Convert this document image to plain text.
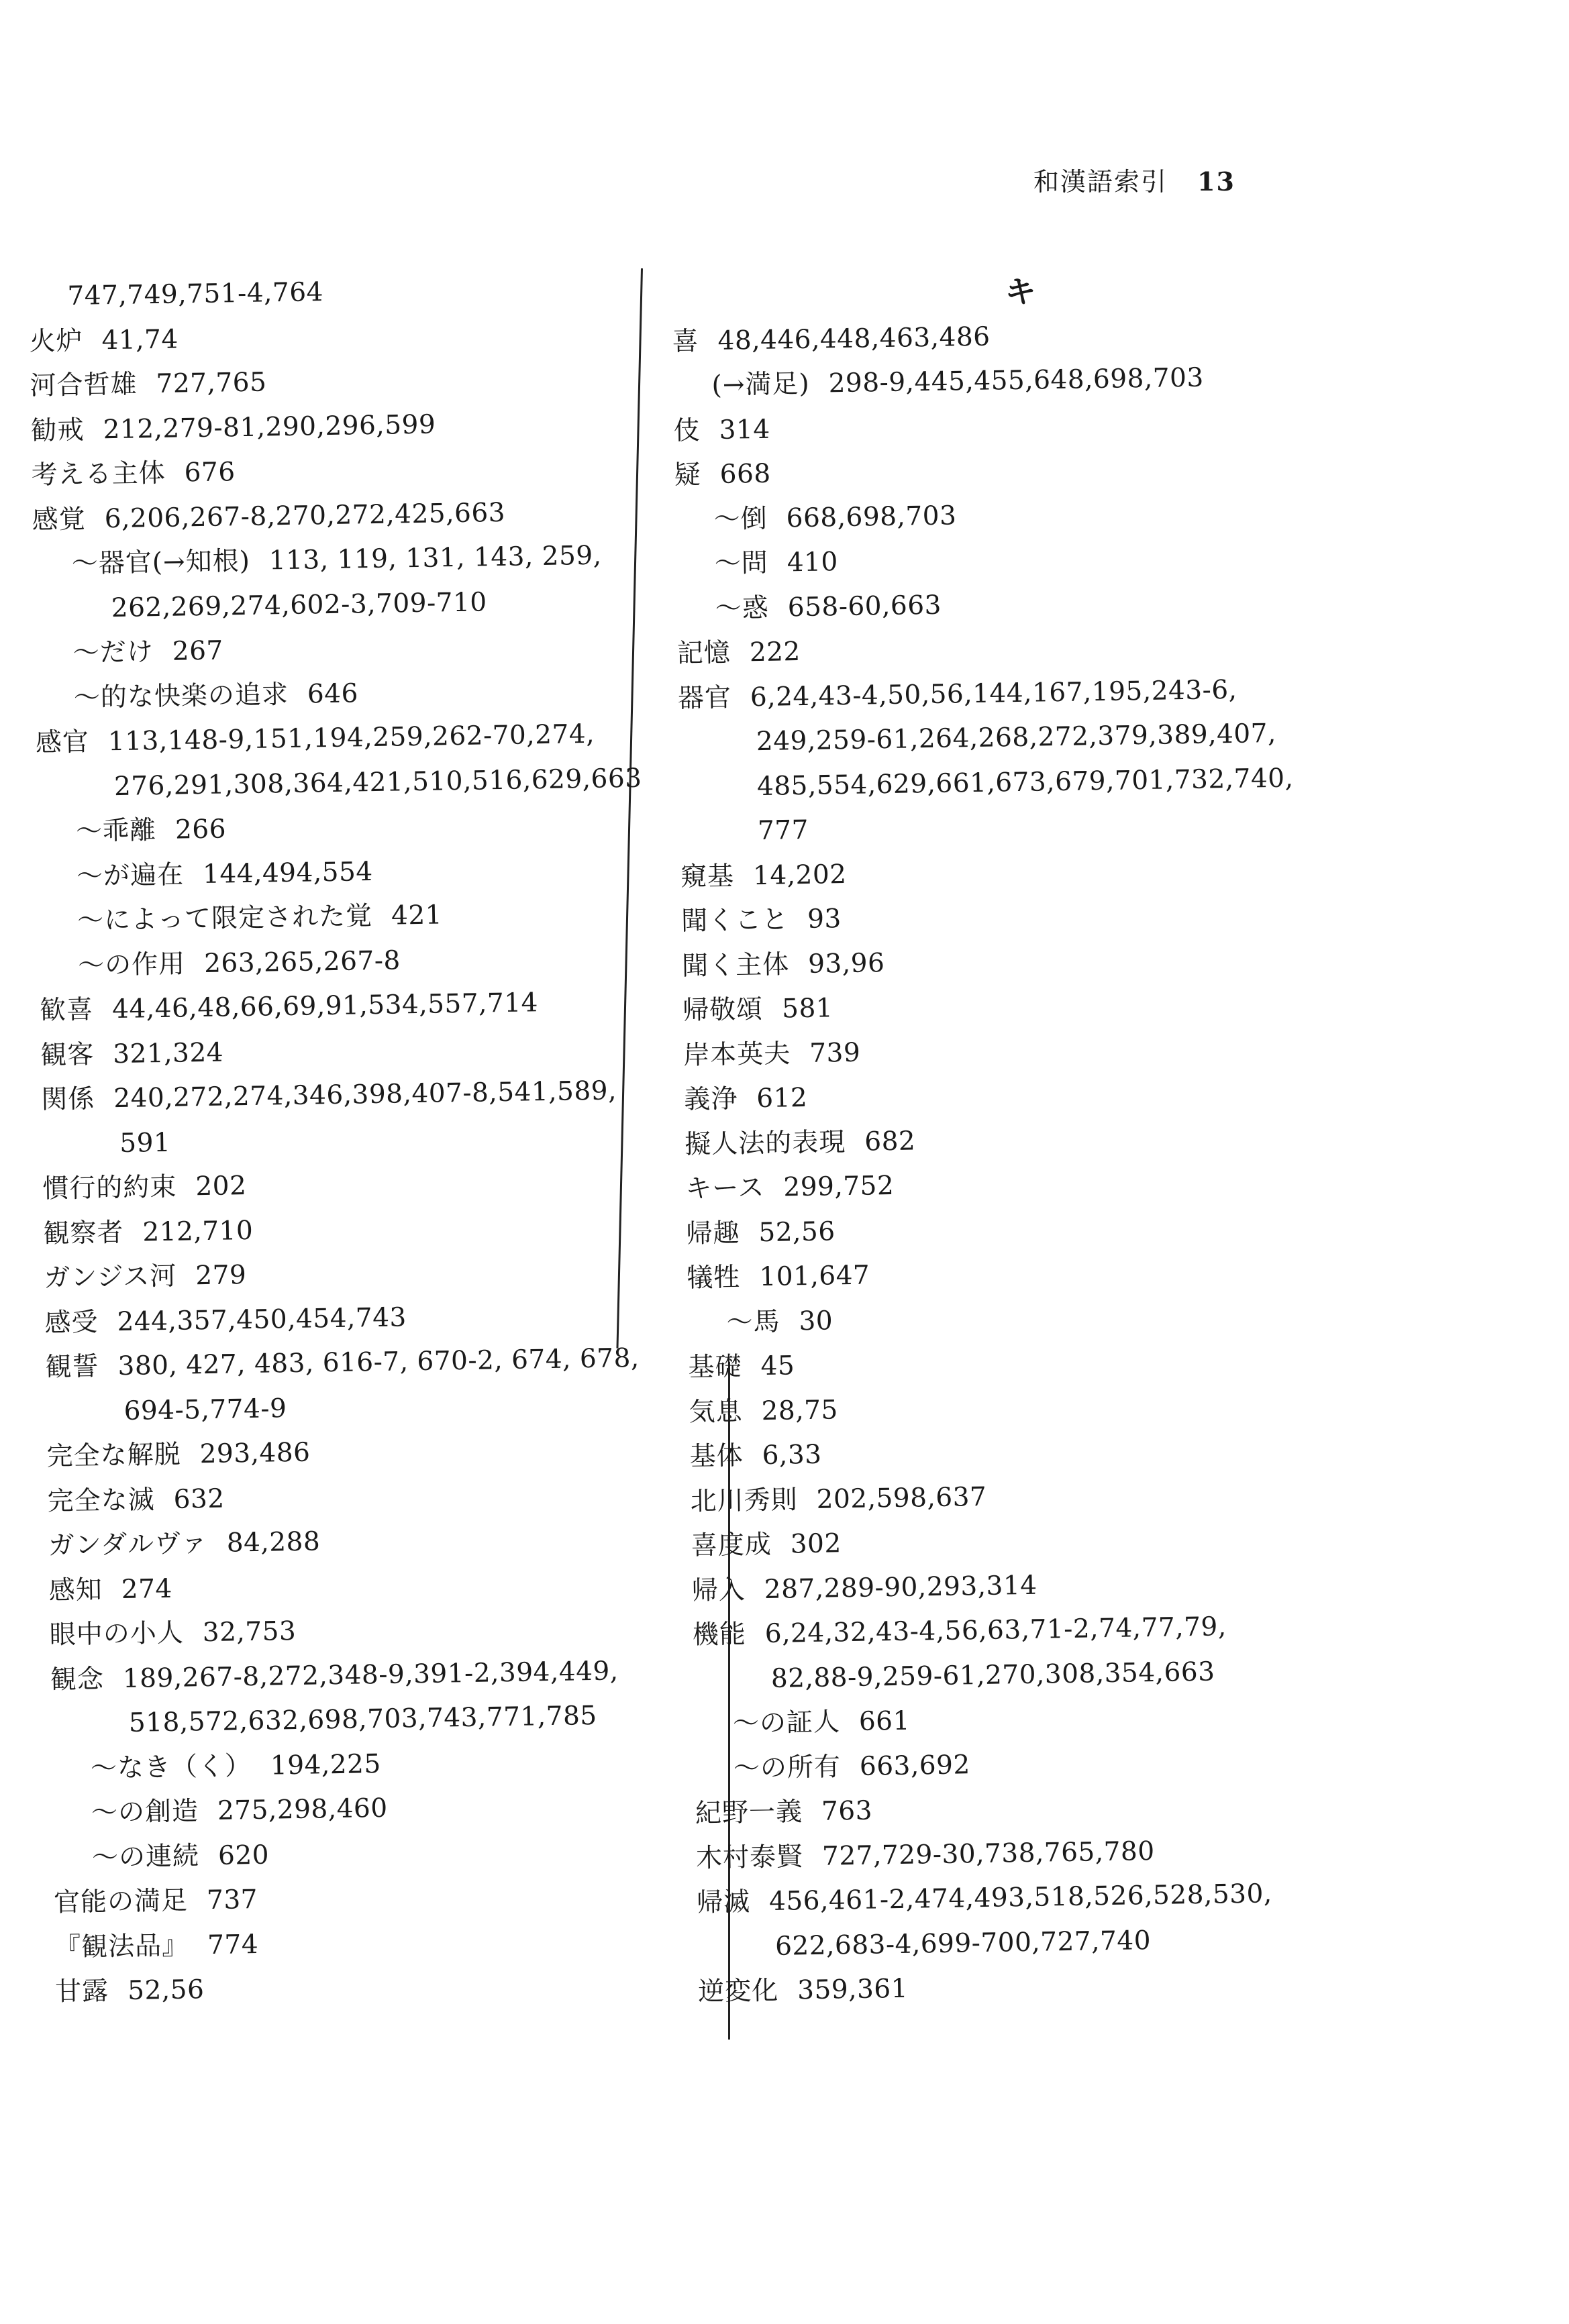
和漢語索引 13
747,749,751-4,764
火炉 41,74
河合哲雄 727,765
勧戒 212,279-81,290,296,599
考える主体 676
感覚 6,206,267-8,270,272,425,663
～器官(→知根) 113, 119, 131, 143, 259,
262,269,274,602-3,709-710
～だけ 267
～的な快楽の追求 646
感官 113,148-9,151,194,259,262-70,274,
276,291,308,364,421,510,516,629,663
～乖離 266
～が遍在 144,494,554
～によって限定された覚 421
～の作用 263,265,267-8
歓喜 44,46,48,66,69,91,534,557,714
観客 321,324
関係 240,272,274,346,398,407-8,541,589,
591
慣行的約束 202
観察者 212,710
ガンジス河 279
感受 244,357,450,454,743
観誓 380, 427, 483, 616-7, 670-2, 674, 678,
694-5,774-9
完全な解脱 293,486
完全な滅 632
ガンダルヴァ 84,288
感知 274
眼中の小人 32,753
観念 189,267-8,272,348-9,391-2,394,449,
518,572,632,698,703,743,771,785
～なき（く） 194,225
～の創造 275,298,460
～の連続 620
官能の満足 737
『観法品』 774
甘露 52,56
キ
喜 48,446,448,463,486
(→満足) 298-9,445,455,648,698,703
伎 314
疑 668
～倒 668,698,703
～問 410
～惑 658-60,663
記憶 222
器官 6,24,43-4,50,56,144,167,195,243-6,
249,259-61,264,268,272,379,389,407,
485,554,629,661,673,679,701,732,740,
777
窺基 14,202
聞くこと 93
聞く主体 93,96
帰敬頌 581
岸本英夫 739
義浄 612
擬人法的表現 682
キース 299,752
帰趣 52,56
犠牲 101,647
～馬 30
基礎 45
気息 28,75
基体 6,33
北川秀則 202,598,637
喜度成 302
帰入 287,289-90,293,314
機能 6,24,32,43-4,56,63,71-2,74,77,79,
82,88-9,259-61,270,308,354,663
～の証人 661
～の所有 663,692
紀野一義 763
木村泰賢 727,729-30,738,765,780
帰滅 456,461-2,474,493,518,526,528,530,
622,683-4,699-700,727,740
逆変化 359,361
